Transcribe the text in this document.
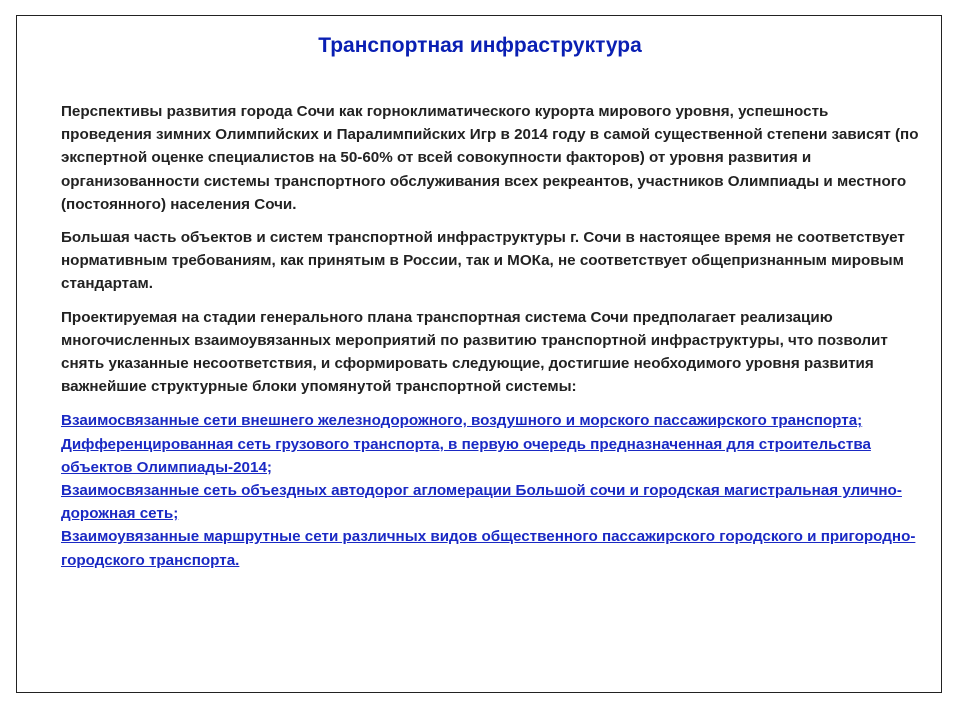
Транспортная инфраструктура

Перспективы развития города Сочи как горноклиматического курорта мирового уровня, успешность проведения зимних Олимпийских и Паралимпийских Игр в 2014 году в самой существенной степени зависят (по экспертной оценке специалистов на 50-60% от всей совокупности факторов) от уровня развития и организованности системы транспортного обслуживания всех рекреантов, участников Олимпиады и местного (постоянного) населения Сочи.

Большая часть объектов и систем транспортной инфраструктуры г. Сочи в настоящее время не соответствует нормативным требованиям, как принятым в России, так и МОКа, не соответствует общепризнанным мировым стандартам.

Проектируемая на стадии генерального плана транспортная система Сочи предполагает реализацию многочисленных взаимоувязанных мероприятий по развитию транспортной инфраструктуры, что позволит снять указанные несоответствия, и сформировать следующие, достигшие необходимого уровня развития важнейшие структурные блоки упомянутой транспортной системы:

Взаимосвязанные сети внешнего железнодорожного, воздушного и морского пассажирского транспорта;
Дифференцированная сеть грузового транспорта, в первую очередь предназначенная для строительства объектов Олимпиады-2014;
Взаимосвязанные сеть объездных автодорог агломерации Большой сочи и городская магистральная улично-дорожная сеть;
Взаимоувязанные маршрутные сети различных видов общественного пассажирского городского и пригородно-городского транспорта.
